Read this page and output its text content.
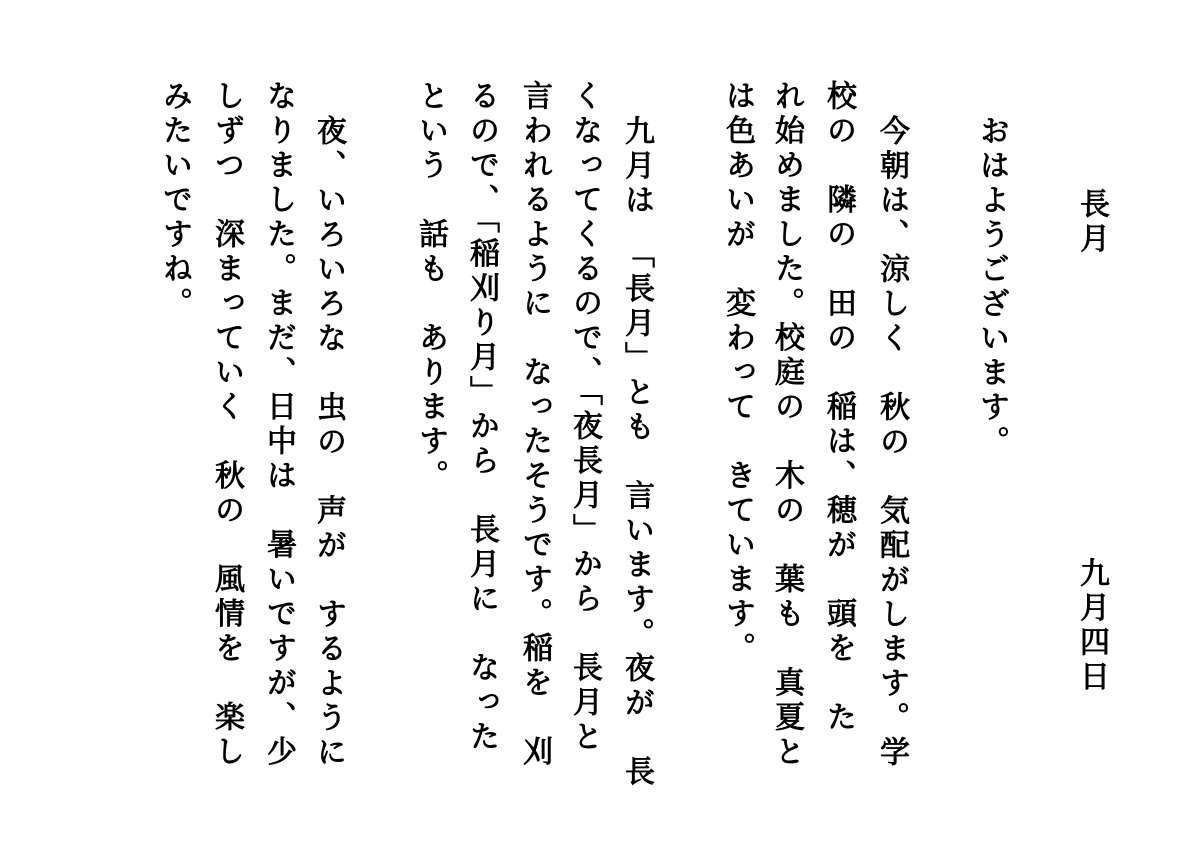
長月
九月四日
おはようございます。
今朝は、涼しく　秋の　気配がします。学
校の　隣の　田の　稲は、穂が　頭を　た
れ始めました。校庭の　木の　葉も　真夏と
は色あいが　変わって　きています。
九月は　「長月」とも　言います。夜が　長
くなってくるので、「夜長月」から　長月と
言われるように　なったそうです。稲を　刈
るので、「稲刈り月」から　長月に　なった
という　話も　あります。
夜、いろいろな　虫の　声が　するように
なりました。まだ、日中は　暑いですが、少
しずつ　深まっていく　秋の　風情を　楽し
みたいですね。
